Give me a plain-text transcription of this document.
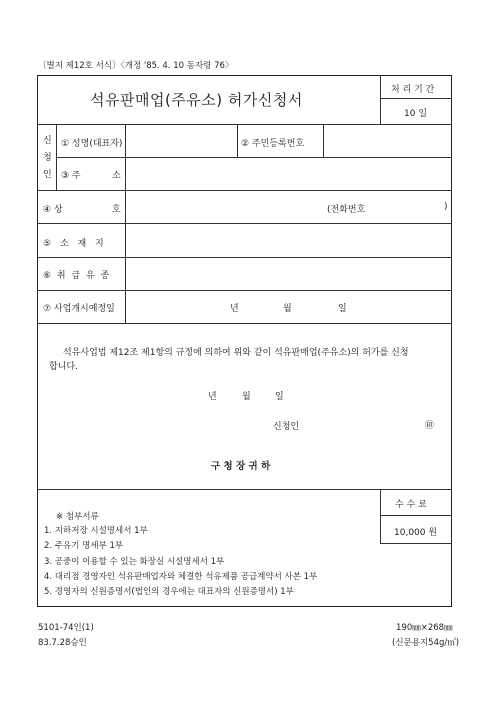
〔별지 제12호 서식〕〈개정 '85. 4. 10 동자령 76〉
석유판매업(주유소) 허가신청서
처 리 기 간
10 일
신
청
인
① 성명(대표자)	② 주민등록번호
③ 주	소
④ 상	호	(전화번호	)
⑤ 소 재 지
⑥ 취 급 유 종
⑦ 사업개시예정일	년	월	일
석유사업법 제12조 제1항의 규정에 의하여 위와 같이 석유판매업(주유소)의 허가를 신청
합니다.
년	월	일
신청인	㊞
구 청 장 귀 하
수 수 료
10,000 원
※ 첨부서류
1. 지하저장 시설명세서 1부
2. 주유기 명세부 1부
3. 공중이 이용할 수 있는 화장실 시설명세서 1부
4. 대리점 경영자인 석유판매업자와 체결한 석유제품 공급계약서 사본 1부
5. 경영자의 신원증명서(법인의 경우에는 대표자의 신원증명서) 1부
5101-74인(1)
83.7.28승인
190㎜×268㎜
(신문용지54g/㎡)
